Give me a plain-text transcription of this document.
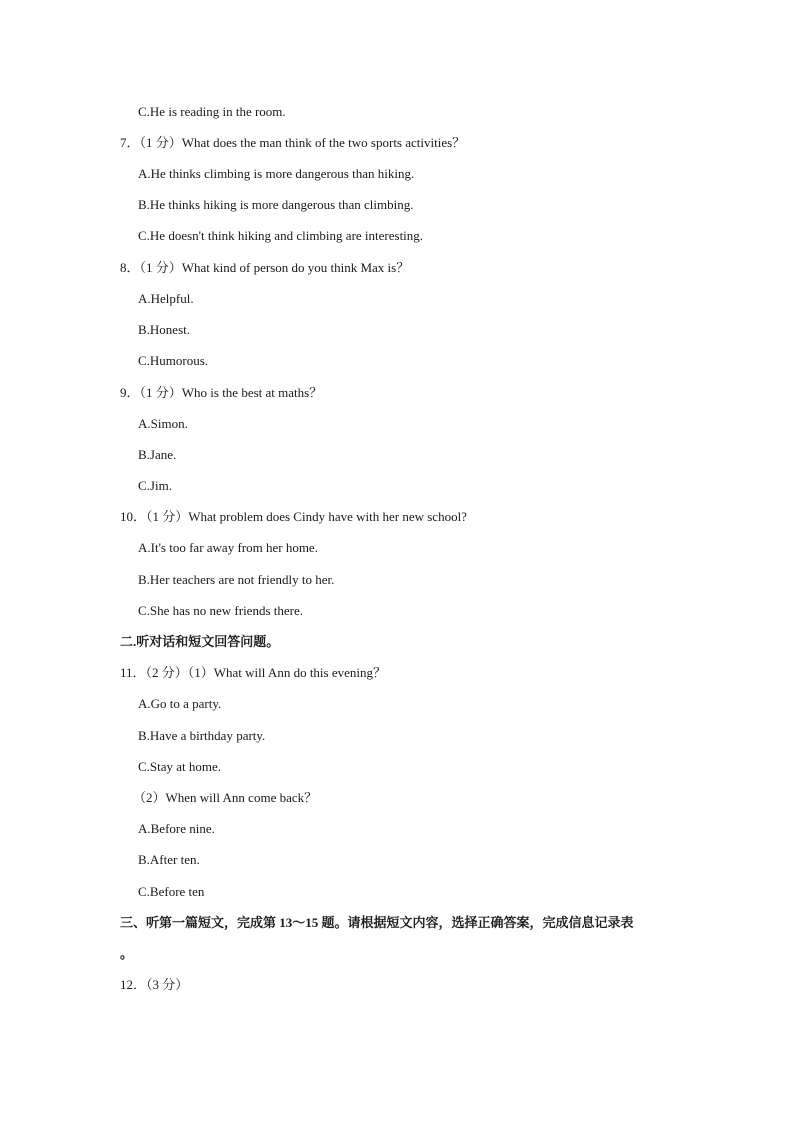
C.He is reading in the room.
7．（1 分）What does the man think of the two sports activities？
A.He thinks climbing is more dangerous than hiking.
B.He thinks hiking is more dangerous than climbing.
C.He doesn't think hiking and climbing are interesting.
8．（1 分）What kind of person do you think Max is？
A.Helpful.
B.Honest.
C.Humorous.
9．（1 分）Who is the best at maths？
A.Simon.
B.Jane.
C.Jim.
10．（1 分）What problem does Cindy have with her new school?
A.It's too far away from her home.
B.Her teachers are not friendly to her.
C.She has no new friends there.
二.听对话和短文回答问题。
11．（2 分）（1）What will Ann do this evening？
A.Go to a party.
B.Have a birthday party.
C.Stay at home.
（2）When will Ann come back？
A.Before nine.
B.After ten.
C.Before ten
三、听第一篇短文，完成第 13～15 题。请根据短文内容，选择正确答案，完成信息记录表
。
12．（3 分）
